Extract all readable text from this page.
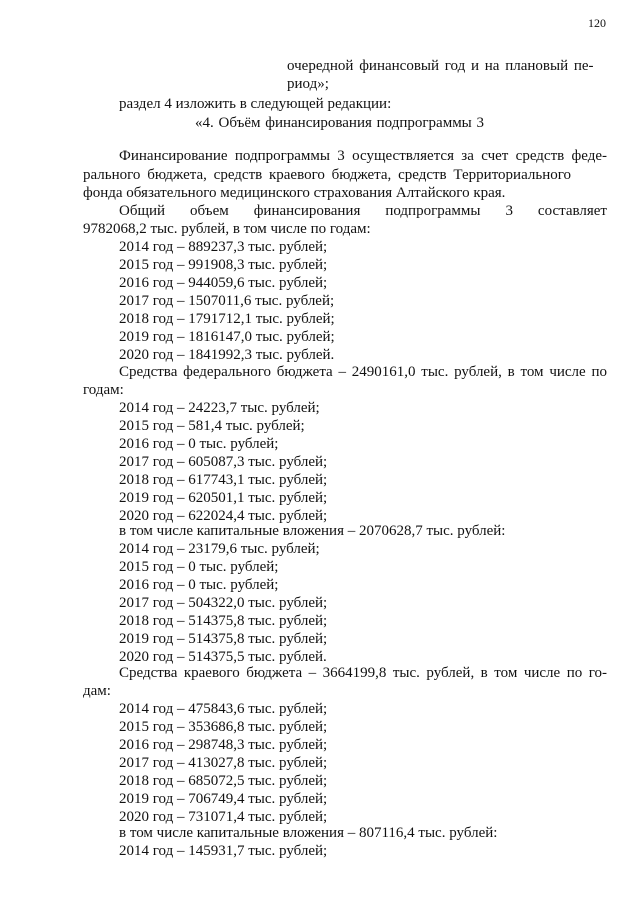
120
очередной финансовый год и на плановый пе-
риод»;
раздел 4 изложить в следующей редакции:
«4. Объём финансирования подпрограммы 3
Финансирование подпрограммы 3 осуществляется за счет средств феде-
рального бюджета, средств краевого бюджета, средств Территориального
фонда обязательного медицинского страхования Алтайского края.
Общий объем финансирования подпрограммы 3 составляет
9782068,2 тыс. рублей, в том числе по годам:
2014 год – 889237,3 тыс. рублей;
2015 год – 991908,3 тыс. рублей;
2016 год – 944059,6 тыс. рублей;
2017 год – 1507011,6 тыс. рублей;
2018 год – 1791712,1 тыс. рублей;
2019 год – 1816147,0 тыс. рублей;
2020 год – 1841992,3 тыс. рублей.
Средства федерального бюджета – 2490161,0 тыс. рублей, в том числе по
годам:
2014 год – 24223,7 тыс. рублей;
2015 год – 581,4 тыс. рублей;
2016 год – 0 тыс. рублей;
2017 год – 605087,3 тыс. рублей;
2018 год – 617743,1 тыс. рублей;
2019 год – 620501,1 тыс. рублей;
2020 год – 622024,4 тыс. рублей;
в том числе капитальные вложения – 2070628,7 тыс. рублей:
2014 год – 23179,6 тыс. рублей;
2015 год – 0 тыс. рублей;
2016 год – 0 тыс. рублей;
2017 год – 504322,0 тыс. рублей;
2018 год – 514375,8 тыс. рублей;
2019 год – 514375,8 тыс. рублей;
2020 год – 514375,5 тыс. рублей.
Средства краевого бюджета – 3664199,8 тыс. рублей, в том числе по го-
дам:
2014 год – 475843,6 тыс. рублей;
2015 год – 353686,8 тыс. рублей;
2016 год – 298748,3 тыс. рублей;
2017 год – 413027,8 тыс. рублей;
2018 год – 685072,5 тыс. рублей;
2019 год – 706749,4 тыс. рублей;
2020 год – 731071,4 тыс. рублей;
в том числе капитальные вложения – 807116,4 тыс. рублей:
2014 год – 145931,7 тыс. рублей;
